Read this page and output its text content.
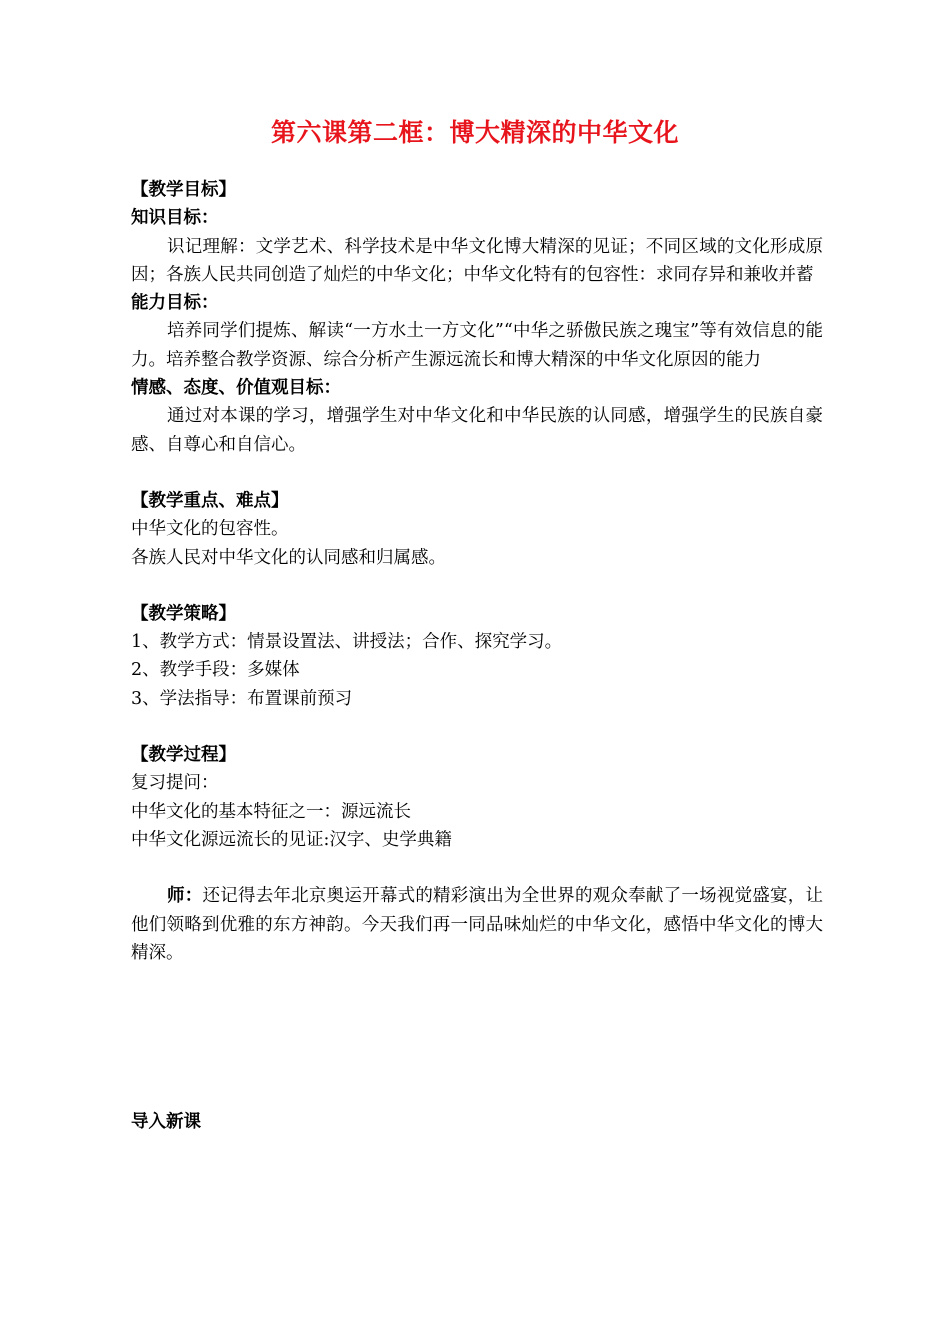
第六课第二框：博大精深的中华文化

【教学目标】

知识目标：

识记理解：文学艺术、科学技术是中华文化博大精深的见证；不同区域的文化形成原因；各族人民共同创造了灿烂的中华文化；中华文化特有的包容性：求同存异和兼收并蓄

能力目标：

培养同学们提炼、解读“一方水土一方文化”“中华之骄傲民族之瑰宝”等有效信息的能力。培养整合教学资源、综合分析产生源远流长和博大精深的中华文化原因的能力

情感、态度、价值观目标：

通过对本课的学习，增强学生对中华文化和中华民族的认同感，增强学生的民族自豪感、自尊心和自信心。

【教学重点、难点】

中华文化的包容性。

各族人民对中华文化的认同感和归属感。

【教学策略】

1、教学方式：情景设置法、讲授法；合作、探究学习。

2、教学手段：多媒体

3、学法指导：布置课前预习

【教学过程】

复习提问：

中华文化的基本特征之一：源远流长

中华文化源远流长的见证:汉字、史学典籍

师：还记得去年北京奥运开幕式的精彩演出为全世界的观众奉献了一场视觉盛宴，让他们领略到优雅的东方神韵。今天我们再一同品味灿烂的中华文化，感悟中华文化的博大精深。

导入新课
